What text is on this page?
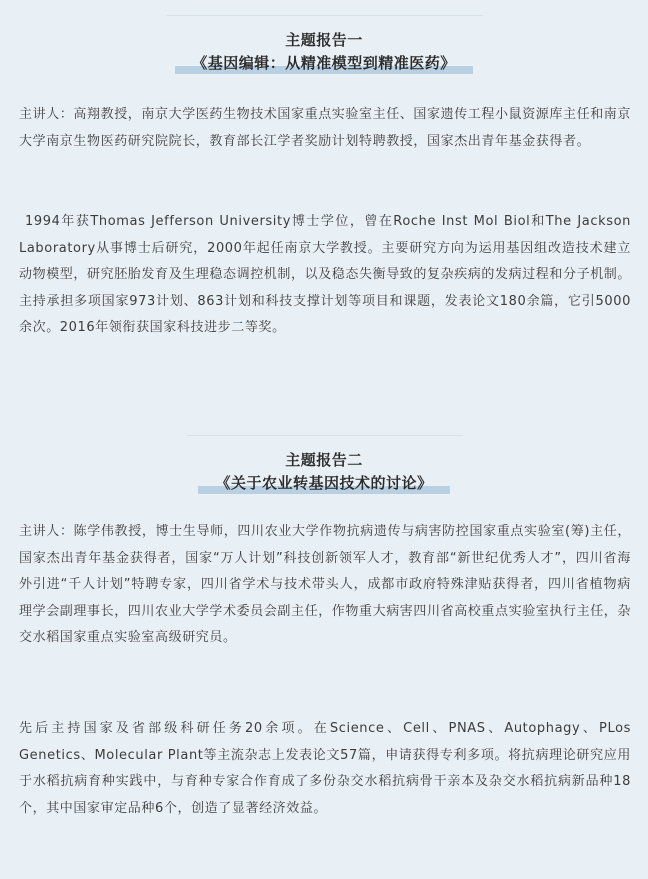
主题报告一
《基因编辑：从精准模型到精准医药》

主讲人：高翔教授，南京大学医药生物技术国家重点实验室主任、国家遗传工程小鼠资源库主任和南京大学南京生物医药研究院院长，教育部长江学者奖励计划特聘教授，国家杰出青年基金获得者。

1994年获Thomas Jefferson University博士学位，曾在Roche Inst Mol Biol和The Jackson Laboratory从事博士后研究，2000年起任南京大学教授。主要研究方向为运用基因组改造技术建立动物模型，研究胚胎发育及生理稳态调控机制，以及稳态失衡导致的复杂疾病的发病过程和分子机制。主持承担多项国家973计划、863计划和科技支撑计划等项目和课题，发表论文180余篇，它引5000余次。2016年领衔获国家科技进步二等奖。

主题报告二
《关于农业转基因技术的讨论》

主讲人：陈学伟教授，博士生导师，四川农业大学作物抗病遗传与病害防控国家重点实验室(筹)主任，国家杰出青年基金获得者，国家“万人计划”科技创新领军人才，教育部“新世纪优秀人才”，四川省海外引进“千人计划”特聘专家，四川省学术与技术带头人，成都市政府特殊津贴获得者，四川省植物病理学会副理事长，四川农业大学学术委员会副主任，作物重大病害四川省高校重点实验室执行主任，杂交水稻国家重点实验室高级研究员。

先后主持国家及省部级科研任务20余项。在Science、Cell、PNAS、Autophagy、PLos Genetics、Molecular Plant等主流杂志上发表论文57篇，申请获得专利多项。将抗病理论研究应用于水稻抗病育种实践中，与育种专家合作育成了多份杂交水稻抗病骨干亲本及杂交水稻抗病新品种18个，其中国家审定品种6个，创造了显著经济效益。
